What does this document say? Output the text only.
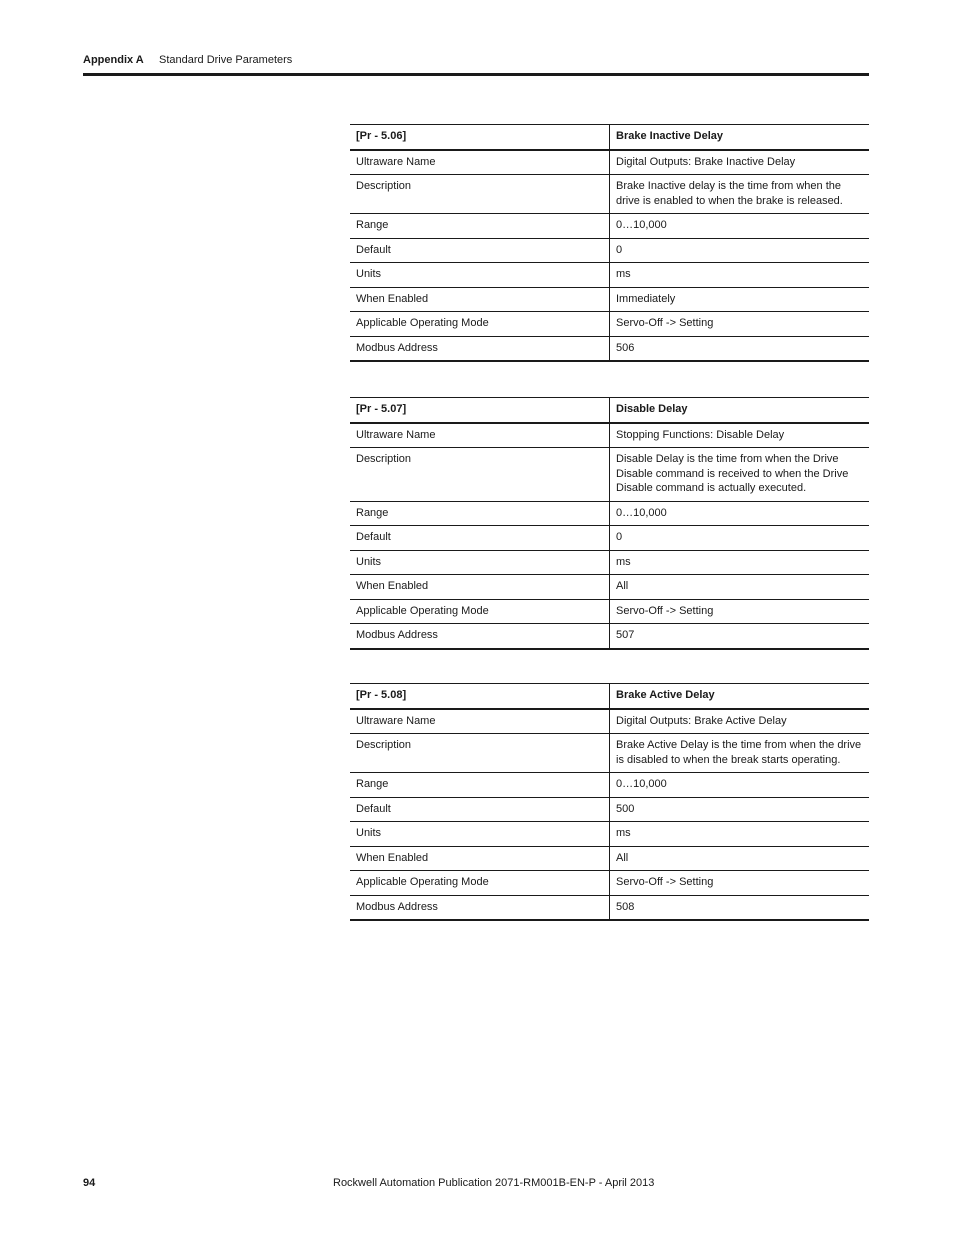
Appendix A Standard Drive Parameters
[Pr - 5.06]	Brake Inactive Delay
Ultraware Name	Digital Outputs: Brake Inactive Delay
Description	Brake Inactive delay is the time from when the drive is enabled to when the brake is released.
Range	0…10,000
Default	0
Units	ms
When Enabled	Immediately
Applicable Operating Mode	Servo-Off -> Setting
Modbus Address	506
[Pr - 5.07]	Disable Delay
Ultraware Name	Stopping Functions: Disable Delay
Description	Disable Delay is the time from when the Drive Disable command is received to when the Drive Disable command is actually executed.
Range	0…10,000
Default	0
Units	ms
When Enabled	All
Applicable Operating Mode	Servo-Off -> Setting
Modbus Address	507
[Pr - 5.08]	Brake Active Delay
Ultraware Name	Digital Outputs: Brake Active Delay
Description	Brake Active Delay is the time from when the drive is disabled to when the break starts operating.
Range	0…10,000
Default	500
Units	ms
When Enabled	All
Applicable Operating Mode	Servo-Off -> Setting
Modbus Address	508
94	Rockwell Automation Publication 2071-RM001B-EN-P - April 2013
